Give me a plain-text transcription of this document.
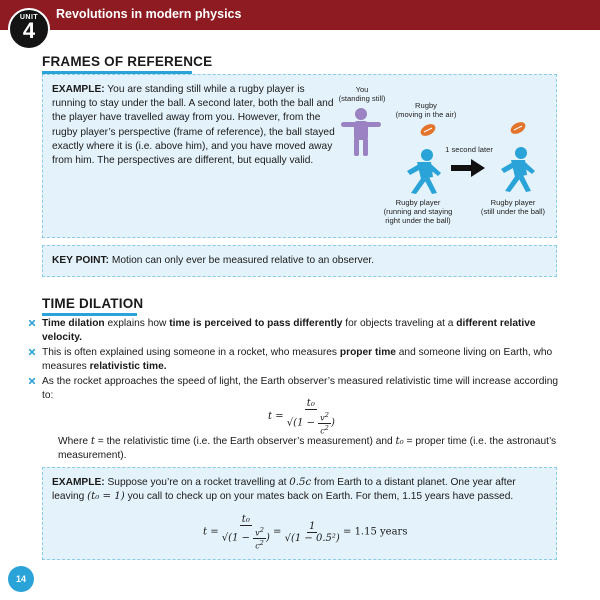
Revolutions in modern physics
UNIT
4
FRAMES OF REFERENCE
EXAMPLE: You are standing still while a rugby player is running to stay under the ball. A second later, both the ball and the player have travelled away from you. However, from the rugby player’s perspective (frame of reference), the ball stayed exactly where it is (i.e. above him), and you have moved away from him. The perspectives are different, but equally valid.
You
(standing still)
Rugby
(moving in the air)
1 second later
Rugby player
(running and staying
right under the ball)
Rugby player
(still under the ball)
KEY POINT: Motion can only ever be measured relative to an observer.
TIME DILATION
Time dilation explains how time is perceived to pass differently for objects traveling at a different relative velocity.
This is often explained using someone in a rocket, who measures proper time and someone living on Earth, who measures relativistic time.
As the rocket approaches the speed of light, the Earth observer’s measured relativistic time will increase according to:
$t = \frac{\text{t₀}}{√(1 - \frac{v^2}{c^2} )}$
Where t = the relativistic time (i.e. the Earth observer’s measurement) and t₀ = proper time (i.e. the astronaut’s measurement).
EXAMPLE: Suppose you’re on a rocket travelling at 0.5c from Earth to a distant planet. One year after leaving (t₀ = 1) you call to check up on your mates back on Earth. For them, 1.15 years have passed.
$t = \frac{\text{t₀}}{√(1 - \frac{v^2}{c^2} )} = \frac{1}{\text{√(1 − 0.5²)}} = 1.15$ years
14
